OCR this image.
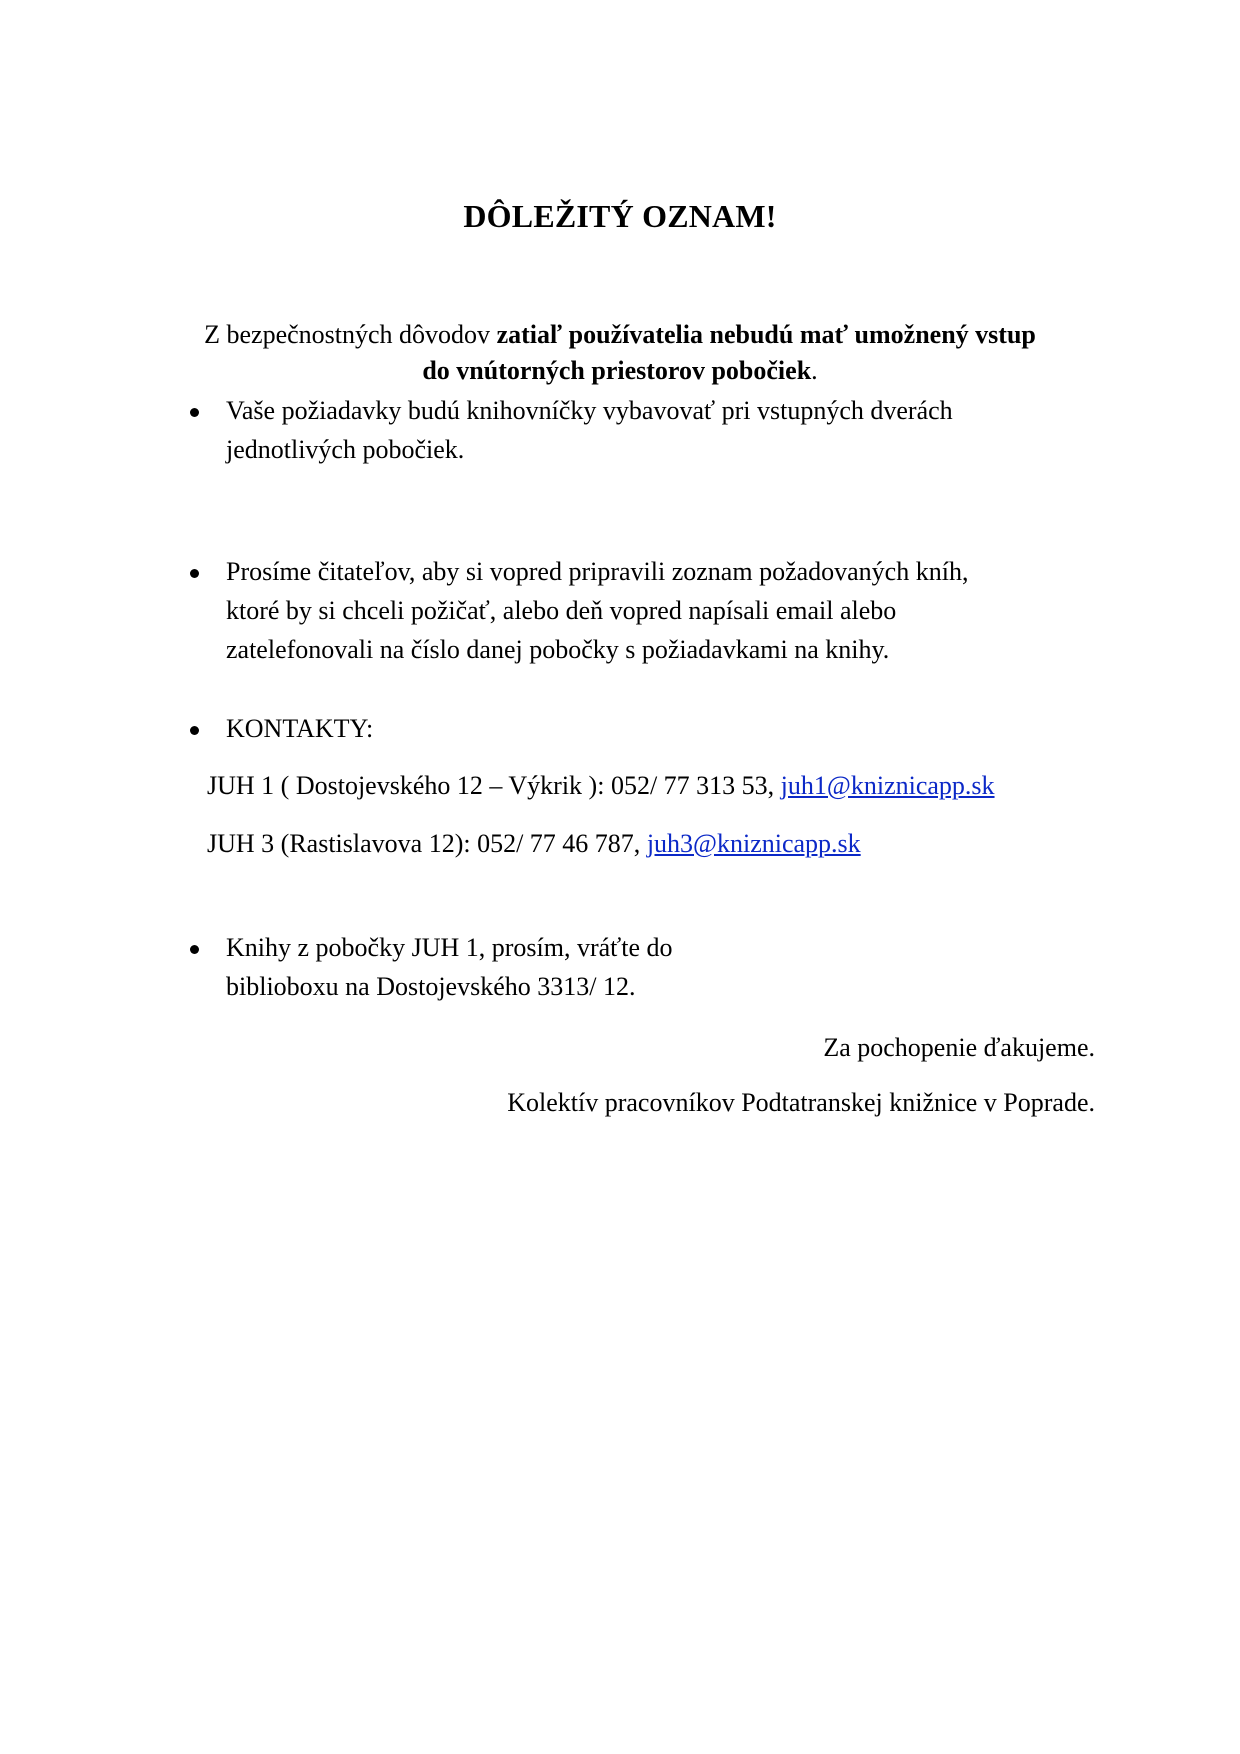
DÔLEŽITÝ OZNAM!
Z bezpečnostných dôvodov zatiaľ používatelia nebudú mať umožnený vstup
do vnútorných priestorov pobočiek.
Vaše požiadavky budú knihovníčky vybavovať pri vstupných dverách
jednotlivých pobočiek.
Prosíme čitateľov, aby si vopred pripravili zoznam požadovaných kníh,
ktoré by si chceli požičať, alebo deň vopred napísali email alebo
zatelefonovali na číslo danej pobočky s požiadavkami na knihy.
KONTAKTY:
JUH 1 ( Dostojevského 12 – Výkrik ): 052/ 77 313 53, juh1@kniznicapp.sk
JUH 3 (Rastislavova 12): 052/ 77 46 787, juh3@kniznicapp.sk
Knihy z pobočky JUH 1, prosím, vráťte do
biblioboxu na Dostojevského 3313/ 12.
Za pochopenie ďakujeme.
Kolektív pracovníkov Podtatranskej knižnice v Poprade.
